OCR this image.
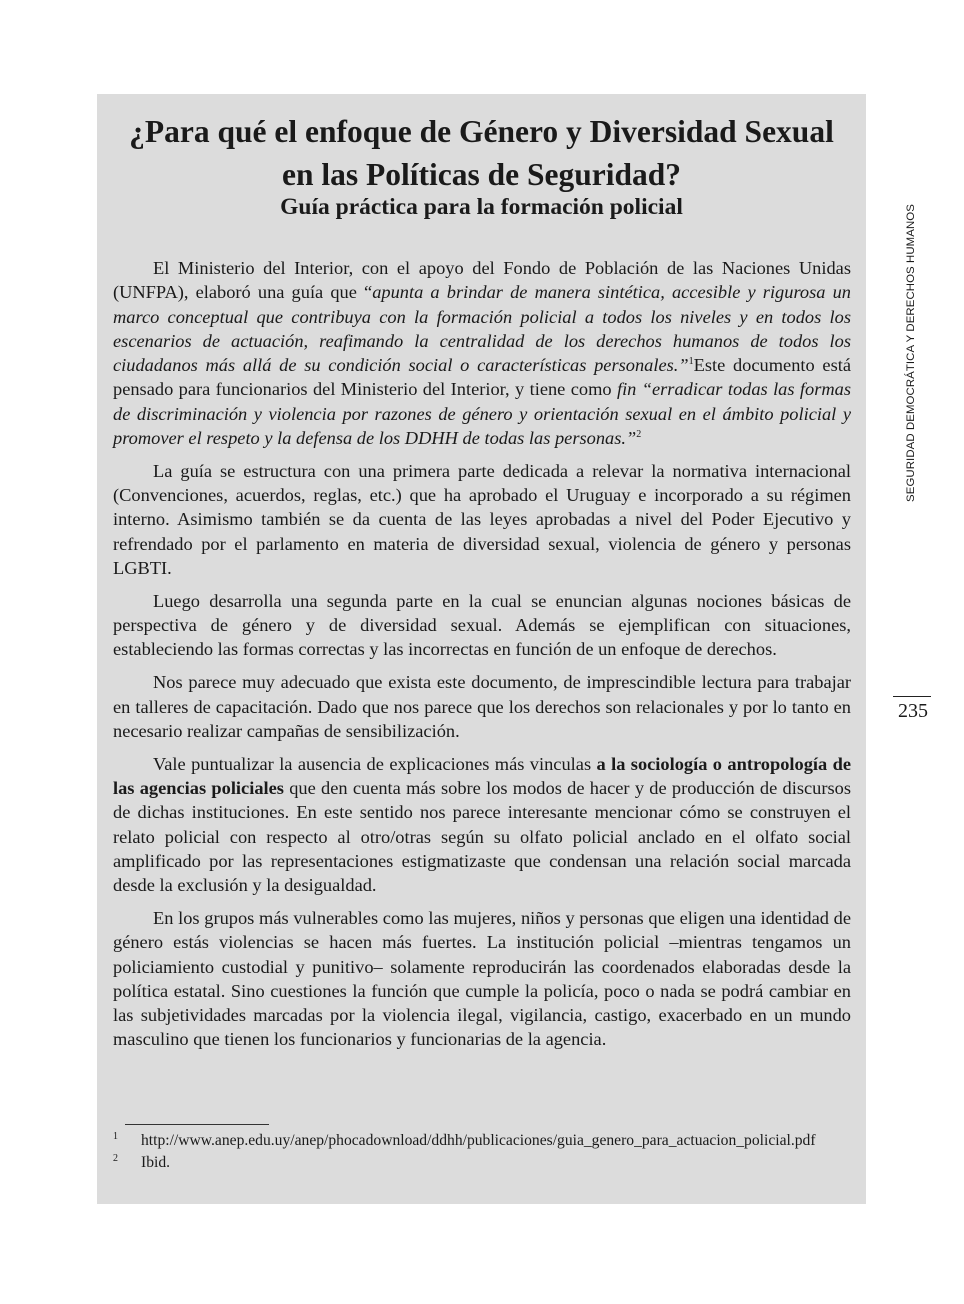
¿Para qué el enfoque de Género y Diversidad Sexual
en las Políticas de Seguridad?
Guía práctica para la formación policial

El Ministerio del Interior, con el apoyo del Fondo de Población de las Naciones Unidas (UNFPA), elaboró una guía que “apunta a brindar de manera sintética, accesible y rigurosa un marco conceptual que contribuya con la formación policial a todos los niveles y en todos los escenarios de actuación, reafimando la centralidad de los derechos humanos de todos los ciudadanos más allá de su condición social o características personales.”$^1$Este documento está pensado para funcionarios del Ministerio del Interior, y tiene como fin “erradicar todas las formas de discriminación y violencia por razones de género y orientación sexual en el ámbito policial y promover el respeto y la defensa de los DDHH de todas las personas.”$^2$

La guía se estructura con una primera parte dedicada a relevar la normativa internacional (Convenciones, acuerdos, reglas, etc.) que ha aprobado el Uruguay e incorporado a su régimen interno. Asimismo también se da cuenta de las leyes aprobadas a nivel del Poder Ejecutivo y refrendado por el parlamento en materia de diversidad sexual, violencia de género y personas LGBTI.

Luego desarrolla una segunda parte en la cual se enuncian algunas nociones básicas de perspectiva de género y de diversidad sexual. Además se ejemplifican con situaciones, estableciendo las formas correctas y las incorrectas en función de un enfoque de derechos.

Nos parece muy adecuado que exista este documento, de imprescindible lectura para trabajar en talleres de capacitación. Dado que nos parece que los derechos son relacionales y por lo tanto en necesario realizar campañas de sensibilización.

Vale puntualizar la ausencia de explicaciones más vinculas a la sociología o antropología de las agencias policiales que den cuenta más sobre los modos de hacer y de producción de discursos de dichas instituciones. En este sentido nos parece interesante mencionar cómo se construyen el relato policial con respecto al otro/otras según su olfato policial anclado en el olfato social amplificado por las representaciones estigmatizaste que condensan una relación social marcada desde la exclusión y la desigualdad.

En los grupos más vulnerables como las mujeres, niños y personas que eligen una identidad de género estás violencias se hacen más fuertes. La institución policial –mientras tengamos un policiamiento custodial y punitivo– solamente reproducirán las coordenados elaboradas desde la política estatal. Sino cuestiones la función que cumple la policía, poco o nada se podrá cambiar en las subjetividades marcadas por la violencia ilegal, vigilancia, castigo, exacerbado en un mundo masculino que tienen los funcionarios y funcionarias de la agencia.

1 http://www.anep.edu.uy/anep/phocadownload/ddhh/publicaciones/guia_genero_para_actuacion_policial.pdf

2 Ibid.

SEGURIDAD DEMOCRÁTICA Y DERECHOS HUMANOS
235
